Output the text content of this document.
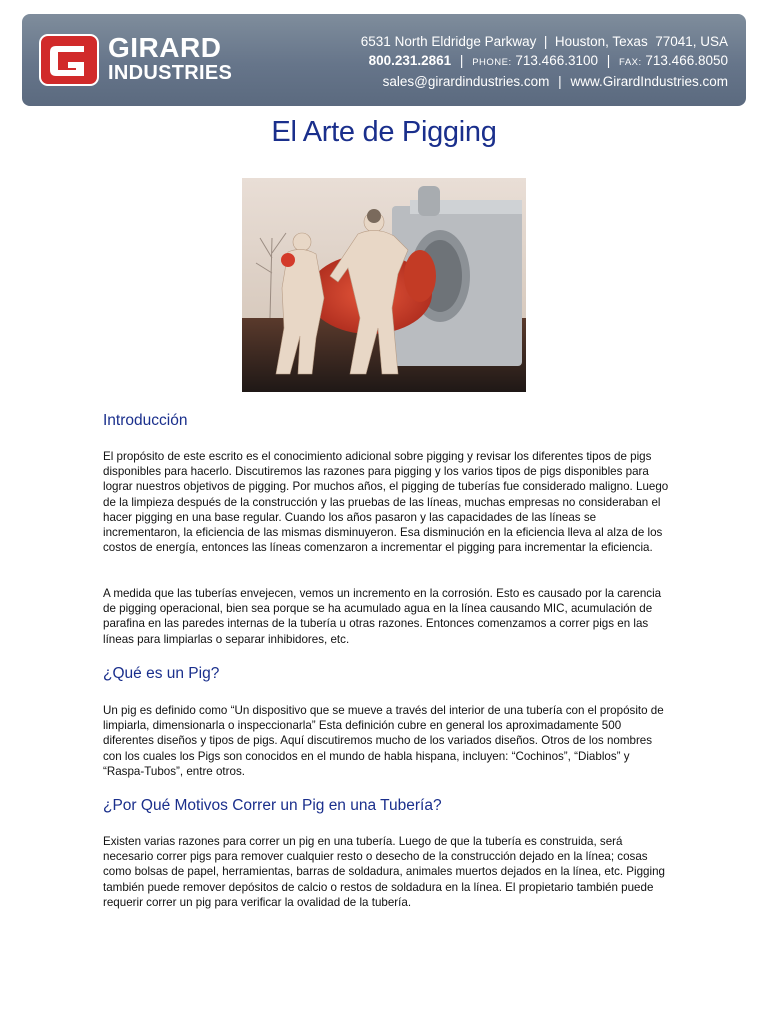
GIRARD
INDUSTRIES
6531 North Eldridge Parkway  |  Houston, Texas  77041, USA
800.231.2861 | PHONE: 713.466.3100 | FAX: 713.466.8050
sales@girardindustries.com | www.GirardIndustries.com
El Arte de Pigging
Introducción
El propósito de este escrito es el conocimiento adicional sobre pigging y revisar los diferentes tipos de pigs disponibles para hacerlo. Discutiremos las razones para pigging y los varios tipos de pigs disponibles para lograr nuestros objetivos de pigging. Por muchos años, el pigging de tuberías fue considerado maligno. Luego de la limpieza después de la construcción y las pruebas de las líneas, muchas empresas no consideraban el hacer pigging en una base regular. Cuando los años pasaron y las capacidades de las líneas se incrementaron, la eficiencia de las mismas disminuyeron. Esa disminución en la eficiencia lleva al alza de los costos de energía, entonces las líneas comenzaron a incrementar el pigging para incrementar la eficiencia.
A medida que las tuberías envejecen, vemos un incremento en la corrosión. Esto es causado por la carencia de pigging operacional, bien sea porque se ha acumulado agua en la línea causando MIC, acumulación de parafina en las paredes internas de la tubería u otras razones. Entonces comenzamos a correr pigs en las líneas para limpiarlas o separar inhibidores, etc.
¿Qué es un Pig?
Un pig es definido como “Un dispositivo que se mueve a través del interior de una tubería con el propósito de limpiarla, dimensionarla o inspeccionarla” Esta definición cubre en general los aproximadamente 500 diferentes diseños y tipos de pigs. Aquí discutiremos mucho de los variados diseños. Otros de los nombres con los cuales los Pigs son conocidos en el mundo de habla hispana, incluyen: “Cochinos”, “Diablos” y “Raspa-Tubos”, entre otros.
¿Por Qué Motivos Correr un Pig en una Tubería?
Existen varias razones para correr un pig en una tubería. Luego de que la tubería es construida, será necesario correr pigs para remover cualquier resto o desecho de la construcción dejado en la línea; cosas como bolsas de papel, herramientas, barras de soldadura, animales muertos dejados en la línea, etc. Pigging también puede remover depósitos de calcio o restos de soldadura en la línea. El propietario también puede requerir correr un pig para verificar la ovalidad de la tubería.
